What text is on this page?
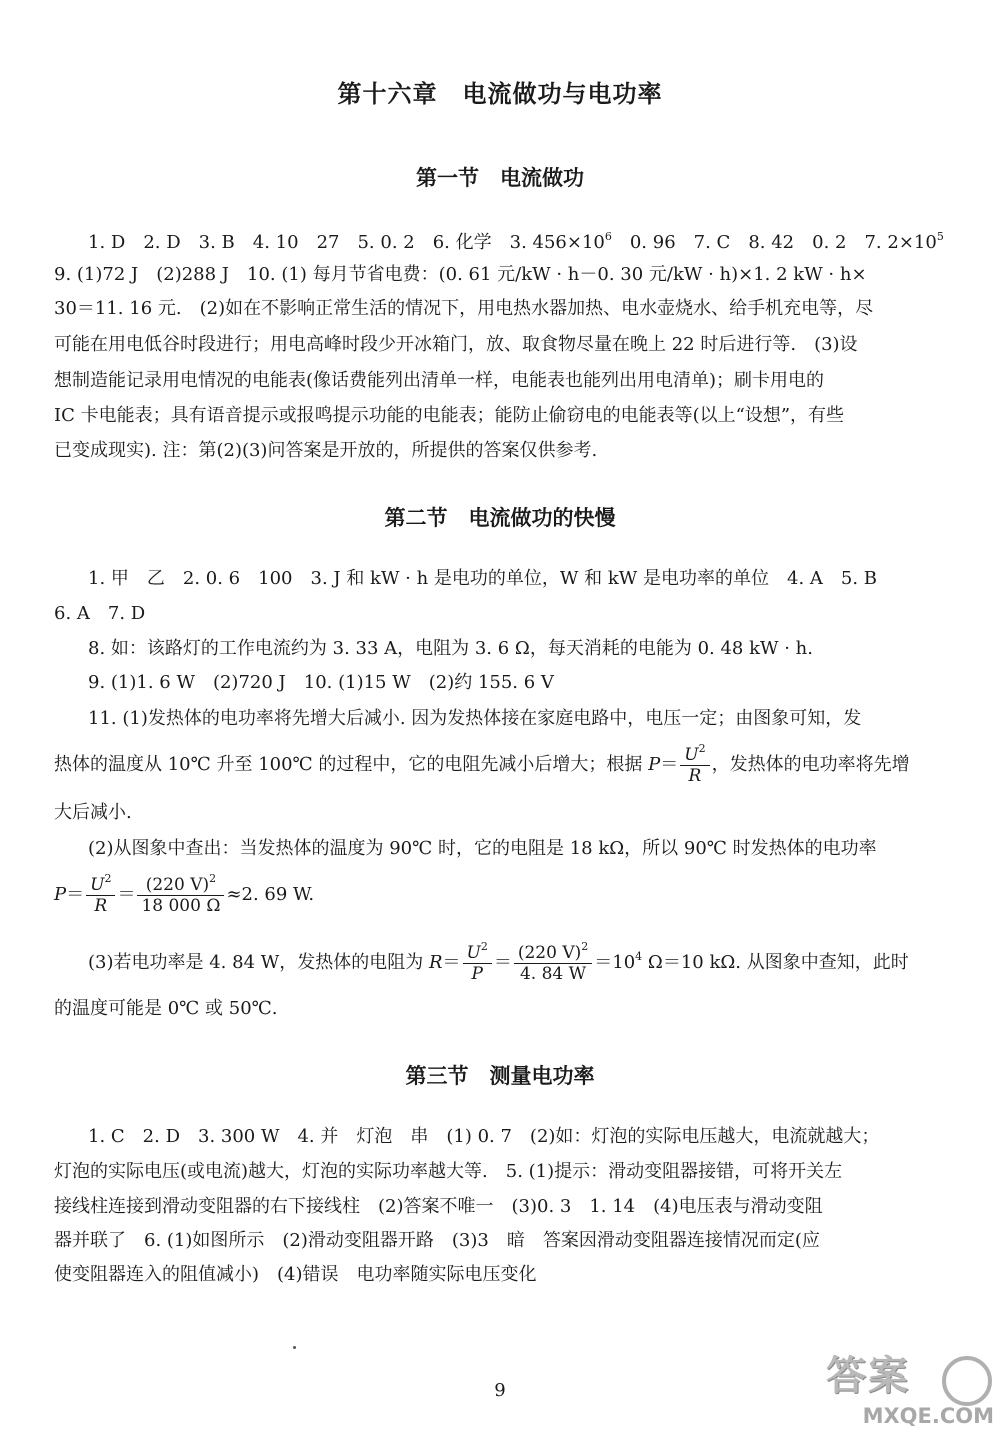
第十六章　电流做功与电功率
第一节　电流做功
1. D　2. D　3. B　4. 10　27　5. 0. 2　6. 化学　3. $456\times 10^6$　0. 96　7. C　8. 42　0. 2　7. $2\times 10^5$
9. (1)72 J　(2)288 J　10. (1) 每月节省电费：(0. 61 元/kW · h－0. 30 元/kW · h)×1. 2 kW · h×
30＝11. 16 元.　(2)如在不影响正常生活的情况下，用电热水器加热、电水壶烧水、给手机充电等，尽
可能在用电低谷时段进行；用电高峰时段少开冰箱门，放、取食物尽量在晚上 22 时后进行等.　(3)设
想制造能记录用电情况的电能表(像话费能列出清单一样，电能表也能列出用电清单)；刷卡用电的
IC 卡电能表；具有语音提示或报鸣提示功能的电能表；能防止偷窃电的电能表等(以上“设想”，有些
已变成现实). 注：第(2)(3)问答案是开放的，所提供的答案仅供参考.
第二节　电流做功的快慢
1. 甲　乙　2. 0. 6　100　3. J 和 kW · h 是电功的单位，W 和 kW 是电功率的单位　4. A　5. B
6. A　7. D
8. 如：该路灯的工作电流约为 3. 33 A，电阻为 3. 6 Ω，每天消耗的电能为 0. 48 kW · h.
9. (1)1. 6 W　(2)720 J　10. (1)15 W　(2)约 155. 6 V
11. (1)发热体的电功率将先增大后减小. 因为发热体接在家庭电路中，电压一定；由图象可知，发
热体的温度从 10℃ 升至 100℃ 的过程中，它的电阻先减小后增大；根据 $P= \frac{U^2}{R}$ ，发热体的电功率将先增
大后减小.
(2)从图象中查出：当发热体的温度为 90℃ 时，它的电阻是 18 kΩ，所以 90℃ 时发热体的电功率
$P= \frac{U^2}{R} = \frac{(220 V)^2}{18 000 \Omega} \approx 2$. 69 W.
(3)若电功率是 4. 84 W，发热体的电阻为 $R= \frac{U^2}{P} = \frac{(220 V)^2}{4. 84 W} =10^4$ Ω＝10 kΩ. 从图象中查知，此时
的温度可能是 0℃ 或 50℃.
第三节　测量电功率
1. C　2. D　3. 300 W　4. 并　灯泡　串　(1) 0. 7　(2)如：灯泡的实际电压越大，电流就越大；
灯泡的实际电压(或电流)越大，灯泡的实际功率越大等.　5. (1)提示：滑动变阻器接错，可将开关左
接线柱连接到滑动变阻器的右下接线柱　(2)答案不唯一　(3)0. 3　1. 14　(4)电压表与滑动变阻
器并联了　6. (1)如图所示　(2)滑动变阻器开路　(3)3　暗　答案因滑动变阻器连接情况而定(应
使变阻器连入的阻值减小)　(4)错误　电功率随实际电压变化
9	答案
MXQE.COM
